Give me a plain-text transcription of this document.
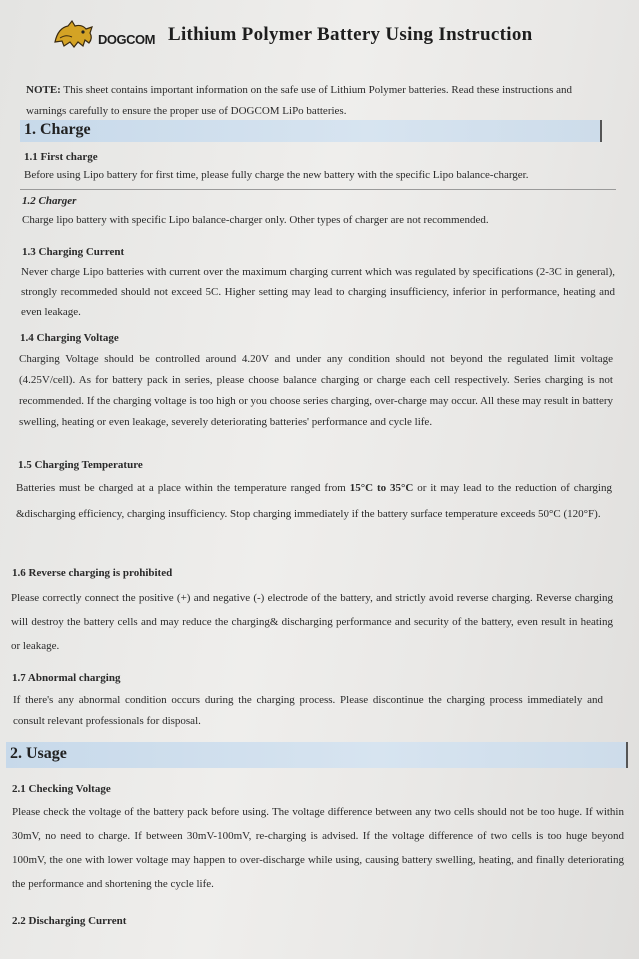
DOGCOM Lithium Polymer Battery Using Instruction
NOTE: This sheet contains important information on the safe use of Lithium Polymer batteries. Read these instructions and warnings carefully to ensure the proper use of DOGCOM LiPo batteries.
1. Charge
1.1 First charge
Before using Lipo battery for first time, please fully charge the new battery with the specific Lipo balance-charger.
1.2 Charger
Charge lipo battery with specific Lipo balance-charger only. Other types of charger are not recommended.
1.3 Charging Current
Never charge Lipo batteries with current over the maximum charging current which was regulated by specifications (2-3C in general), strongly recommeded should not exceed 5C. Higher setting may lead to charging insufficiency, inferior in performance, heating and even leakage.
1.4 Charging Voltage
Charging Voltage should be controlled around 4.20V and under any condition should not beyond the regulated limit voltage (4.25V/cell). As for battery pack in series, please choose balance charging or charge each cell respectively. Series charging is not recommended. If the charging voltage is too high or you choose series charging, over-charge may occur. All these may result in battery swelling, heating or even leakage, severely deteriorating batteries' performance and cycle life.
1.5 Charging Temperature
Batteries must be charged at a place within the temperature ranged from 15°C to 35°C or it may lead to the reduction of charging &discharging efficiency, charging insufficiency. Stop charging immediately if the battery surface temperature exceeds 50°C (120°F).
1.6 Reverse charging is prohibited
Please correctly connect the positive (+) and negative (-) electrode of the battery, and strictly avoid reverse charging. Reverse charging will destroy the battery cells and may reduce the charging& discharging performance and security of the battery, even result in heating or leakage.
1.7 Abnormal charging
If there's any abnormal condition occurs during the charging process. Please discontinue the charging process immediately and consult relevant professionals for disposal.
2. Usage
2.1 Checking Voltage
Please check the voltage of the battery pack before using. The voltage difference between any two cells should not be too huge. If within 30mV, no need to charge. If between 30mV-100mV, re-charging is advised. If the voltage difference of two cells is too huge beyond 100mV, the one with lower voltage may happen to over-discharge while using, causing battery swelling, heating, and finally deteriorating the performance and shortening the cycle life.
2.2 Discharging Current
